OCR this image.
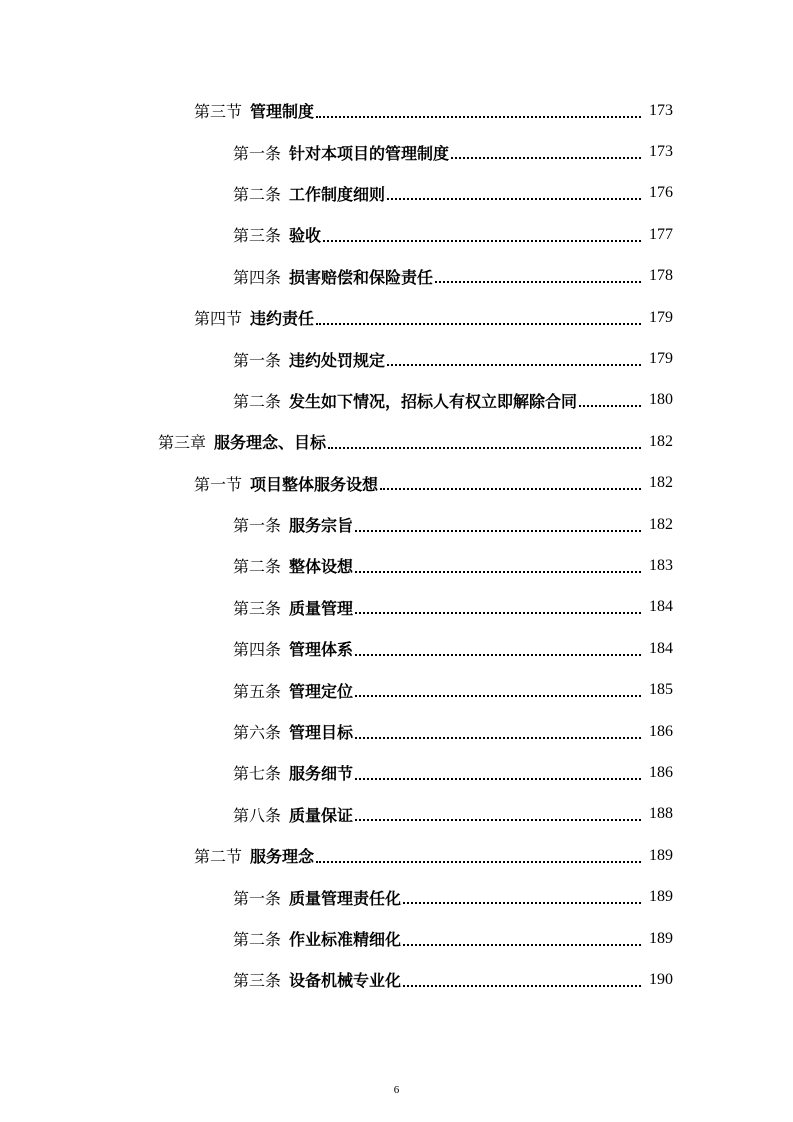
第三节 管理制度	173
第一条 针对本项目的管理制度	173
第二条 工作制度细则	176
第三条 验收	177
第四条 损害赔偿和保险责任	178
第四节 违约责任	179
第一条 违约处罚规定	179
第二条 发生如下情况，招标人有权立即解除合同	180
第三章 服务理念、目标	182
第一节 项目整体服务设想	182
第一条 服务宗旨	182
第二条 整体设想	183
第三条 质量管理	184
第四条 管理体系	184
第五条 管理定位	185
第六条 管理目标	186
第七条 服务细节	186
第八条 质量保证	188
第二节 服务理念	189
第一条 质量管理责任化	189
第二条 作业标准精细化	189
第三条 设备机械专业化	190
6
